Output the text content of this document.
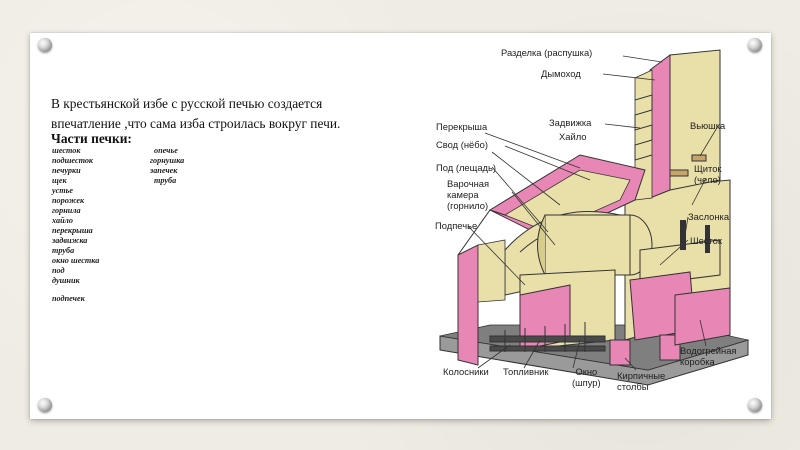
В крестьянской избе с русской печью создается
впечатление ,что сама изба строилась вокруг печи.
Части печки:
шесток
подшесток
печурки
щек
устье
порожек
горнила
хайло
перекрыша
задвижка
труба
окно шестка
под
душник
подпечек
опечье
горнушка
запечек
труба
Разделка (распушка)
Дымоход
Задвижка	Вьюшка
Перекрыша
Хайло
Свод (нёбо)
Под (лещадь)	Щиток
(чело)
Варочная
камера
(горнило)
Заслонка
Подпечье
Шесток
Водогрейная
коробка
Колосники Топливник	Окно
(шпур)
Кирпичные
столбы
